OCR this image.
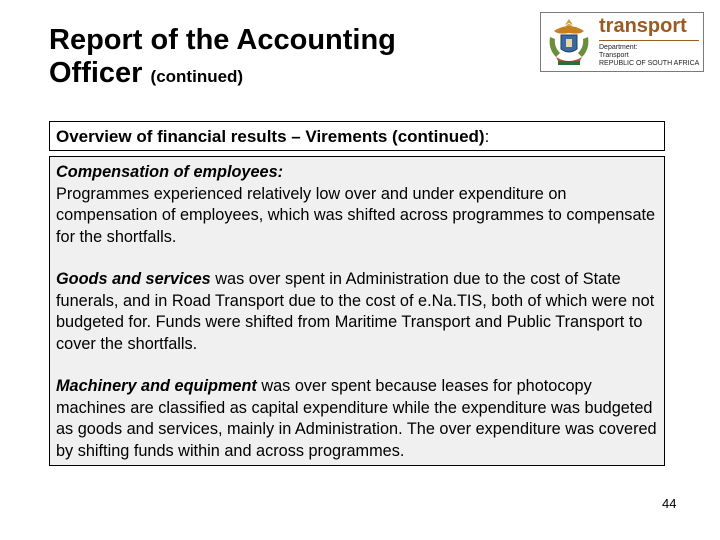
Report of the Accounting
Officer (continued)
transport
Department:
Transport
REPUBLIC OF SOUTH AFRICA
Overview of financial results – Virements (continued):

Compensation of employees:
Programmes experienced relatively low over and under expenditure on compensation of employees, which was shifted across programmes to compensate for the shortfalls.

Goods and services was over spent in Administration due to the cost of State funerals, and in Road Transport due to the cost of e.Na.TIS, both of which were not budgeted for. Funds were shifted from Maritime Transport and Public Transport to cover the shortfalls.

Machinery and equipment was over spent because leases for photocopy machines are classified as capital expenditure while the expenditure was budgeted as goods and services, mainly in Administration. The over expenditure was covered by shifting funds within and across programmes.

44
